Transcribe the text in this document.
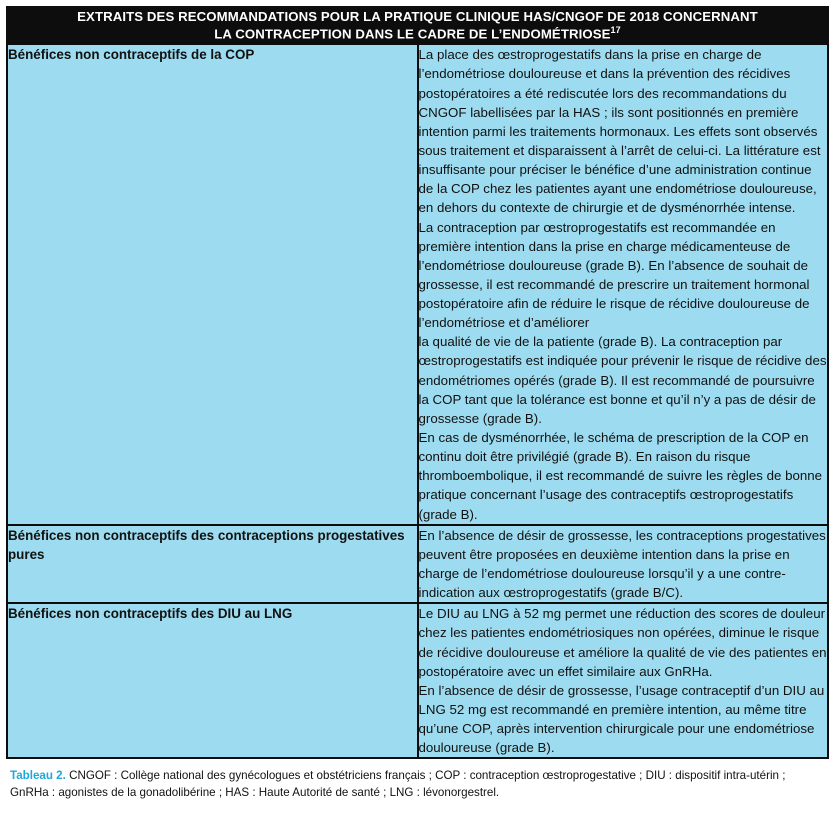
EXTRAITS DES RECOMMANDATIONS POUR LA PRATIQUE CLINIQUE HAS/CNGOF DE 2018 CONCERNANT
LA CONTRACEPTION DANS LE CADRE DE L’ENDOMÉTRIOSE$^{17}$
Bénéfices non contraceptifs de la COP	La place des œstroprogestatifs dans la prise en charge de l’endométriose douloureuse et dans la prévention des récidives postopératoires a été rediscutée lors des recommandations du CNGOF labellisées par la HAS ; ils sont positionnés en première intention parmi les traitements hormonaux. Les effets sont observés sous traitement et disparaissent à l’arrêt de celui-ci. La littérature est insuffisante pour préciser le bénéfice d’une administration continue de la COP chez les patientes ayant une endométriose douloureuse, en dehors du contexte de chirurgie et de dysménorrhée intense.

La contraception par œstroprogestatifs est recommandée en première intention dans la prise en charge médicamenteuse de l’endométriose douloureuse (grade B). En l’absence de souhait de grossesse, il est recommandé de prescrire un traitement hormonal postopératoire afin de réduire le risque de récidive douloureuse de l’endométriose et d’améliorer

la qualité de vie de la patiente (grade B). La contraception par œstroprogestatifs est indiquée pour prévenir le risque de récidive des endométriomes opérés (grade B). Il est recommandé de poursuivre la COP tant que la tolérance est bonne et qu’il n’y a pas de désir de grossesse (grade B).

En cas de dysménorrhée, le schéma de prescription de la COP en continu doit être privilégié (grade B). En raison du risque thromboembolique, il est recommandé de suivre les règles de bonne pratique concernant l’usage des contraceptifs œstroprogestatifs (grade B).

Bénéfices non contraceptifs des contraceptions progestatives pures	En l’absence de désir de grossesse, les contraceptions progestatives peuvent être proposées en deuxième intention dans la prise en charge de l’endométriose douloureuse lorsqu’il y a une contre-indication aux œstroprogestatifs (grade B/C).

Bénéfices non contraceptifs des DIU au LNG	Le DIU au LNG à 52 mg permet une réduction des scores de douleur chez les patientes endométriosiques non opérées, diminue le risque de récidive douloureuse et améliore la qualité de vie des patientes en postopératoire avec un effet similaire aux GnRHa.

En l’absence de désir de grossesse, l’usage contraceptif d’un DIU au LNG 52 mg est recommandé en première intention, au même titre qu’une COP, après intervention chirurgicale pour une endométriose douloureuse (grade B).

Tableau 2. CNGOF : Collège national des gynécologues et obstétriciens français ; COP : contraception œstroprogestative ; DIU : dispositif intra-utérin ; GnRHa : agonistes de la gonadolibérine ; HAS : Haute Autorité de santé ; LNG : lévonorgestrel.
